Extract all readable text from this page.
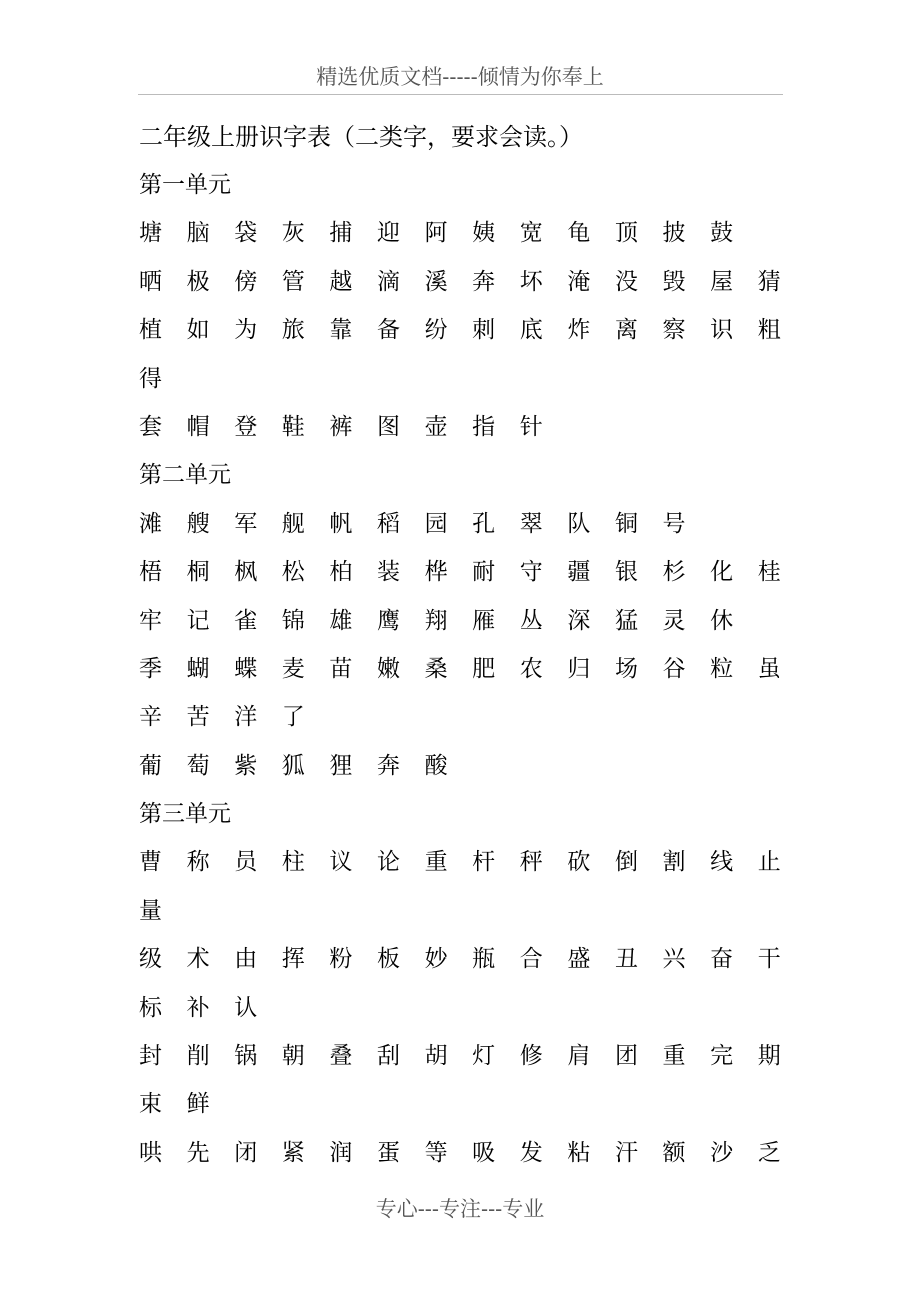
精选优质文档-----倾情为你奉上
二年级上册识字表（二类字，要求会读。）
第一单元
塘	脑	袋	灰	捕	迎	阿	姨	宽	龟	顶	披	鼓
晒	极	傍	管	越	滴	溪	奔	坏	淹	没	毁	屋	猜
植	如	为	旅	靠	备	纷	刺	底	炸	离	察	识	粗
得
套	帽	登	鞋	裤	图	壶	指	针
第二单元
滩	艘	军	舰	帆	稻	园	孔	翠	队	铜	号
梧	桐	枫	松	柏	装	桦	耐	守	疆	银	杉	化	桂
牢	记	雀	锦	雄	鹰	翔	雁	丛	深	猛	灵	休
季	蝴	蝶	麦	苗	嫩	桑	肥	农	归	场	谷	粒	虽
辛	苦	洋	了
葡	萄	紫	狐	狸	奔	酸
第三单元
曹	称	员	柱	议	论	重	杆	秤	砍	倒	割	线	止
量
级	术	由	挥	粉	板	妙	瓶	合	盛	丑	兴	奋	干
标	补	认
封	削	锅	朝	叠	刮	胡	灯	修	肩	团	重	完	期
束	鲜
哄	先	闭	紧	润	蛋	等	吸	发	粘	汗	额	沙	乏
专心---专注---专业
